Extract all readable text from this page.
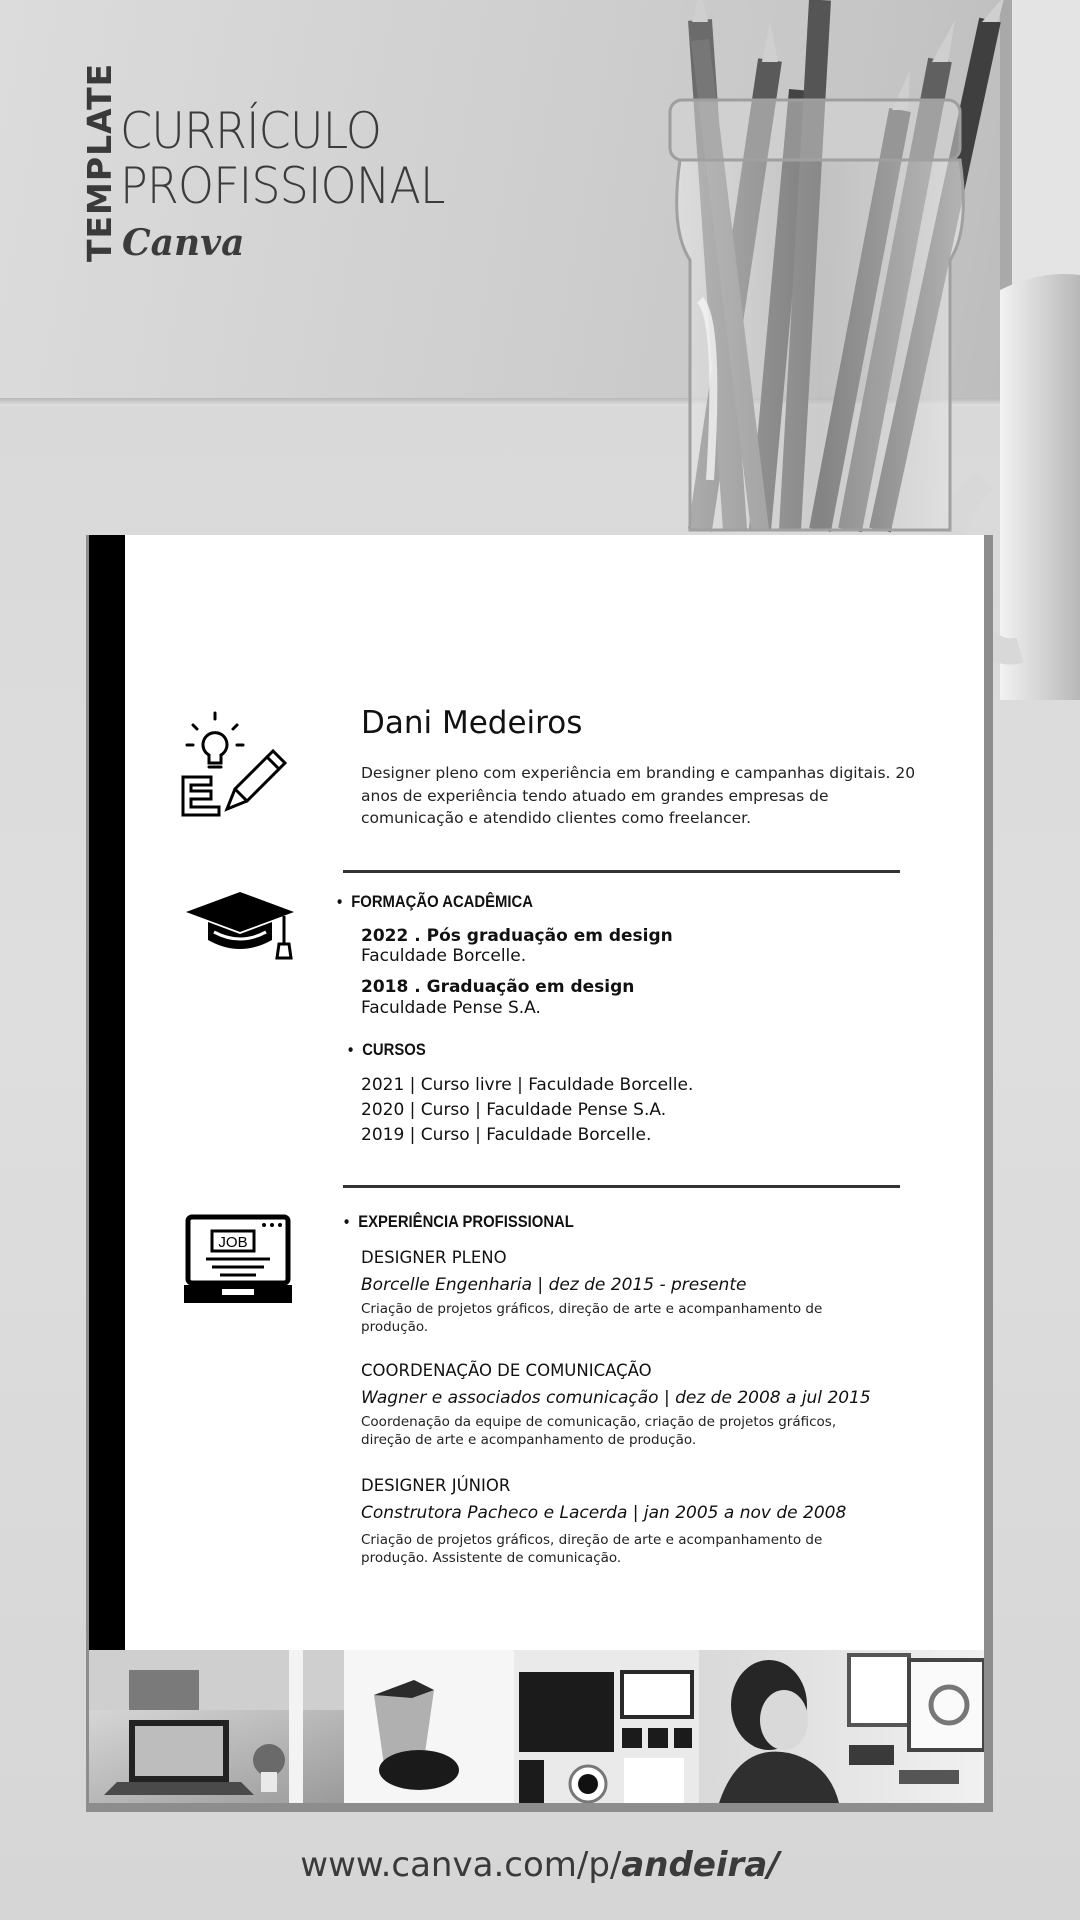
TEMPLATE CURRÍCULO
PROFISSIONAL
Canva
Dani Medeiros
Designer pleno com experiência em branding e campanhas digitais. 20 anos de experiência tendo atuado em grandes empresas de comunicação e atendido clientes como freelancer.
• FORMAÇÃO ACADÊMICA
2022 . Pós graduação em design
Faculdade Borcelle.
2018 . Graduação em design
Faculdade Pense S.A.
• CURSOS
2021 | Curso livre | Faculdade Borcelle.
2020 | Curso | Faculdade Pense S.A.
2019 | Curso | Faculdade Borcelle.
JOB
• EXPERIÊNCIA PROFISSIONAL
DESIGNER PLENO
Borcelle Engenharia | dez de 2015 - presente
Criação de projetos gráficos, direção de arte e acompanhamento de produção.
COORDENAÇÃO DE COMUNICAÇÃO
Wagner e associados comunicação | dez de 2008 a jul 2015
Coordenação da equipe de comunicação, criação de projetos gráficos, direção de arte e acompanhamento de produção.
DESIGNER JÚNIOR
Construtora Pacheco e Lacerda | jan 2005 a nov de 2008
Criação de projetos gráficos, direção de arte e acompanhamento de produção. Assistente de comunicação.
www.canva.com/p/andeira/
